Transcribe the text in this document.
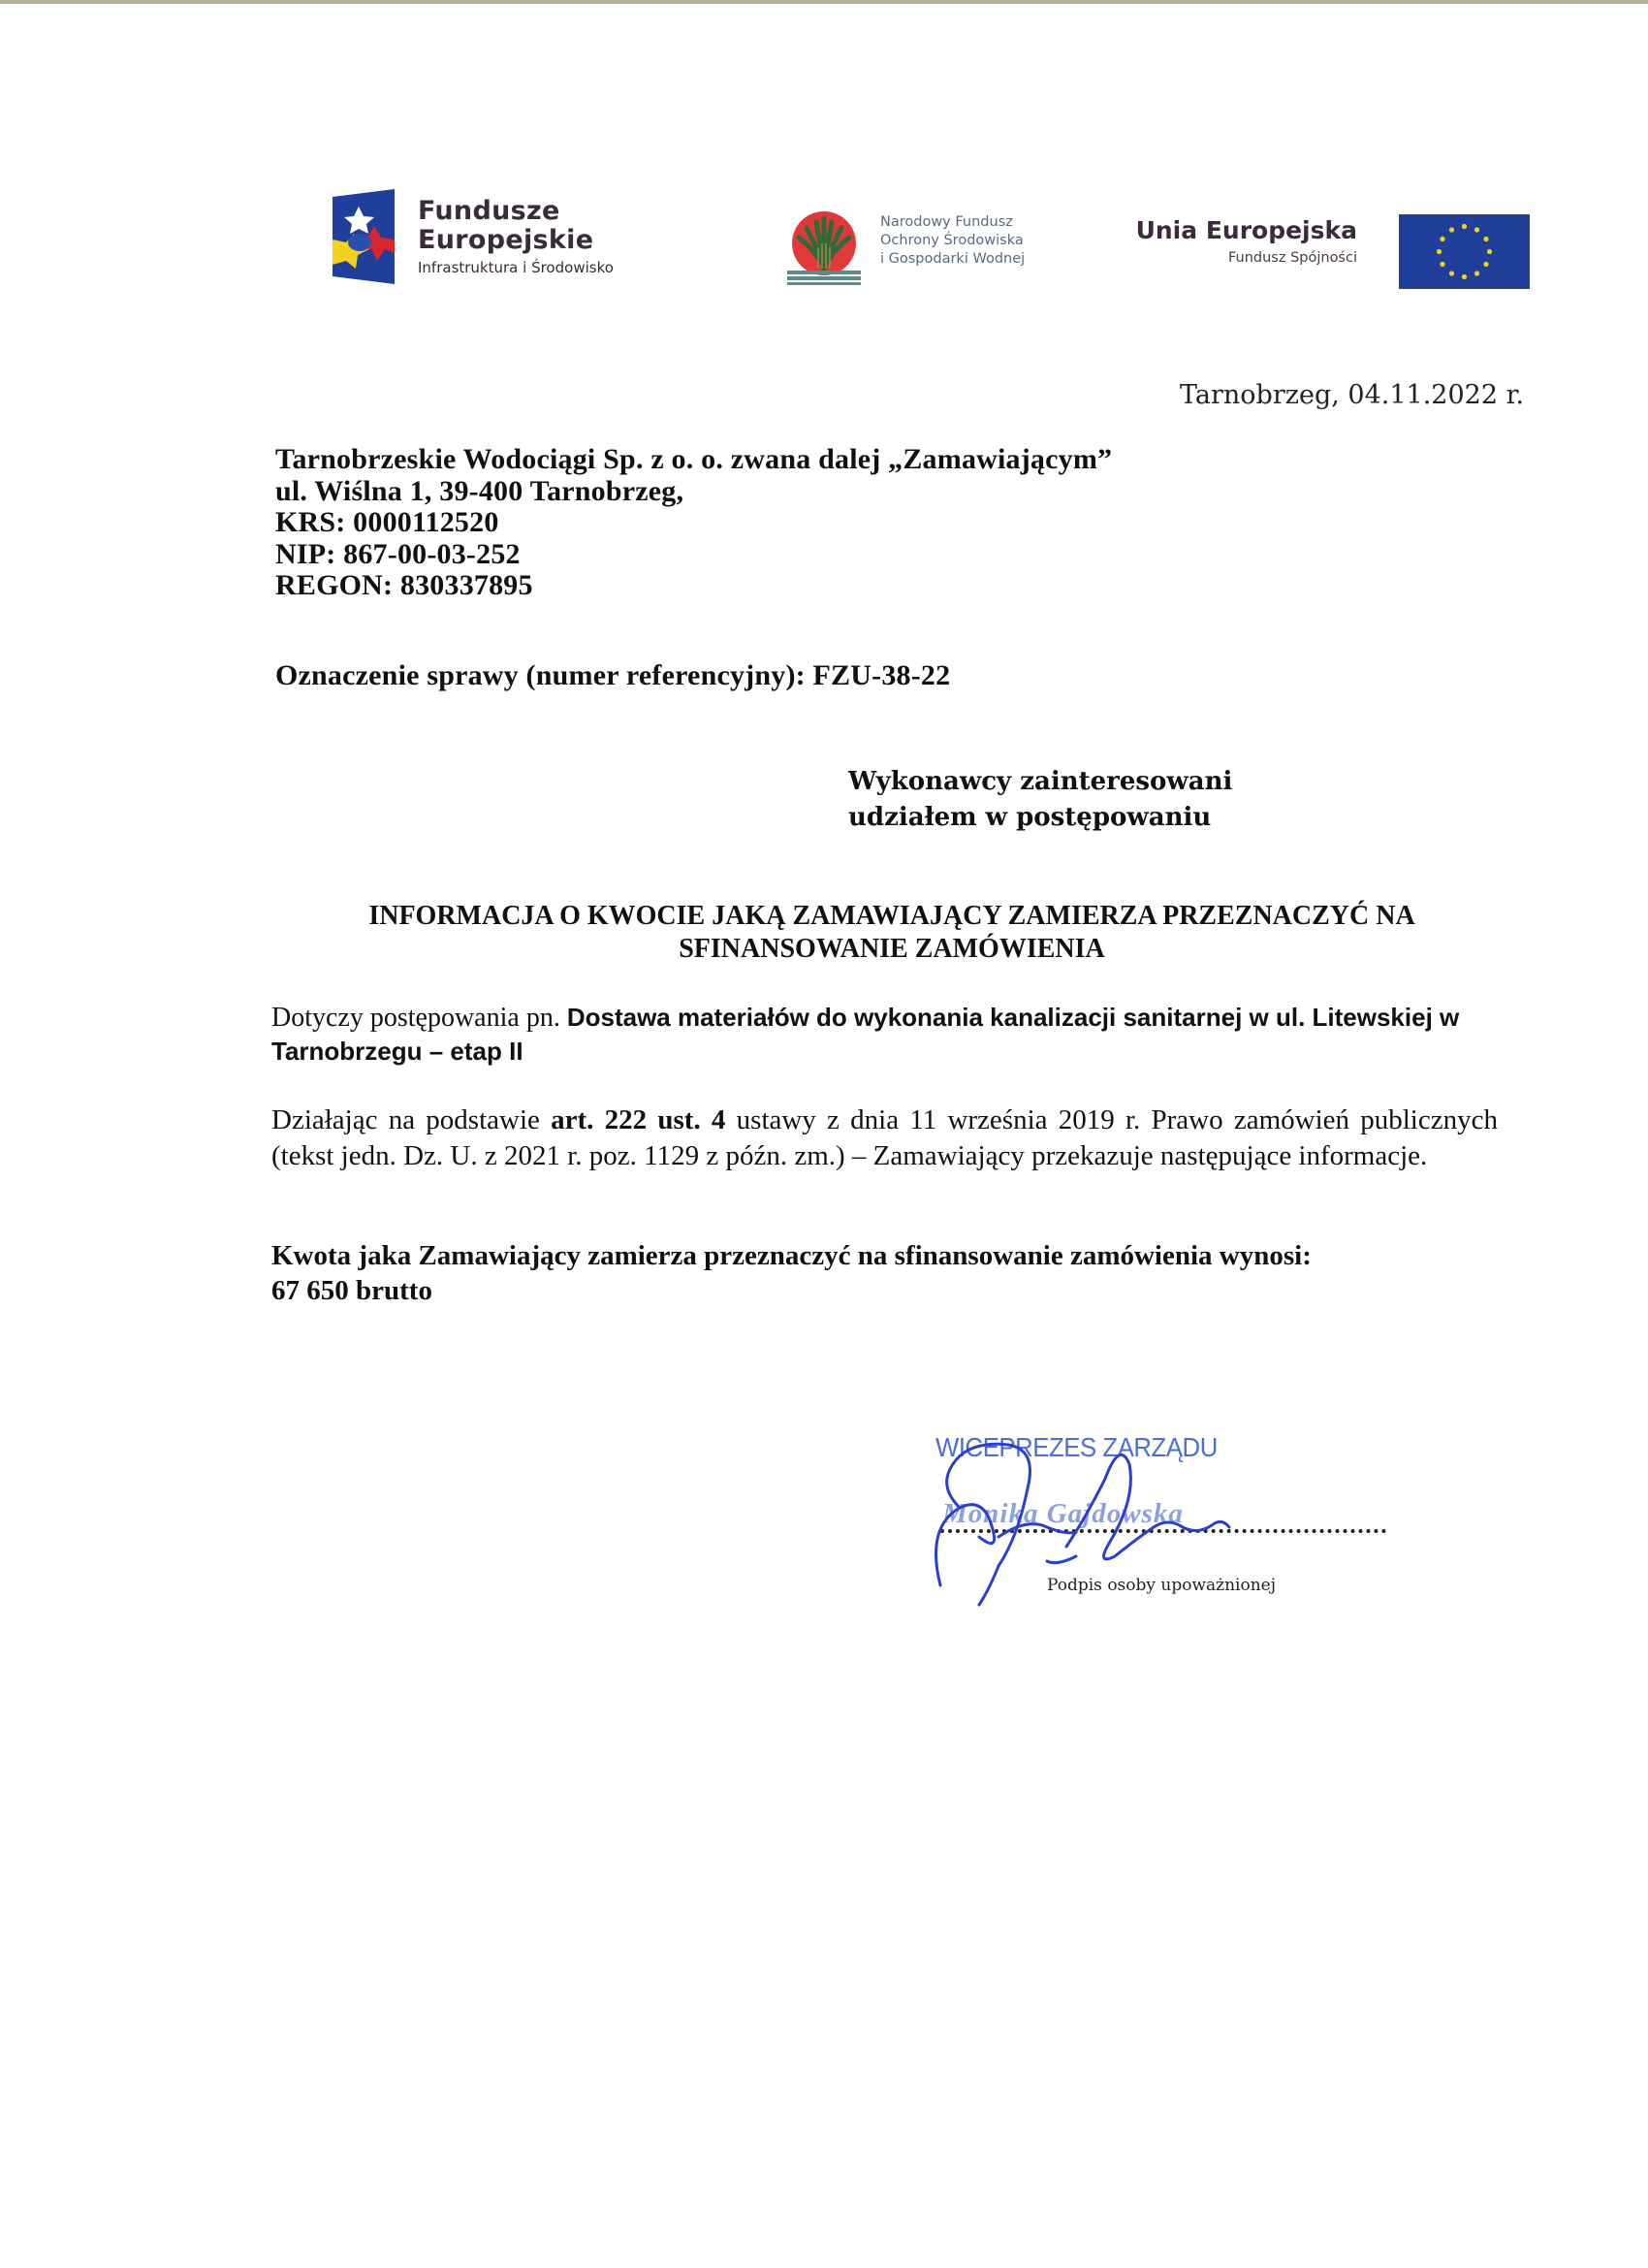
Fundusze
Europejskie
Infrastruktura i Środowisko
Narodowy Fundusz
Ochrony Środowiska
i Gospodarki Wodnej
Unia Europejska
Fundusz Spójności
Tarnobrzeg, 04.11.2022 r.
Tarnobrzeskie Wodociągi Sp. z o. o. zwana dalej „Zamawiającym”
ul. Wiślna 1, 39-400 Tarnobrzeg,
KRS: 0000112520
NIP: 867-00-03-252
REGON: 830337895
Oznaczenie sprawy (numer referencyjny): FZU-38-22
Wykonawcy zainteresowani
udziałem w postępowaniu
INFORMACJA O KWOCIE JAKĄ ZAMAWIAJĄCY ZAMIERZA PRZEZNACZYĆ NA
SFINANSOWANIE ZAMÓWIENIA
Dotyczy postępowania pn. Dostawa materiałów do wykonania kanalizacji sanitarnej w ul. Litewskiej w Tarnobrzegu – etap II
Działając na podstawie art. 222 ust. 4 ustawy z dnia 11 września 2019 r. Prawo zamówień publicznych (tekst jedn. Dz. U. z 2021 r. poz. 1129 z późn. zm.) – Zamawiający przekazuje następujące informacje.
Kwota jaka Zamawiający zamierza przeznaczyć na sfinansowanie zamówienia wynosi:
67 650 brutto
WICEPREZES ZARZĄDU
Monika Gajdowska
Podpis osoby upoważnionej
